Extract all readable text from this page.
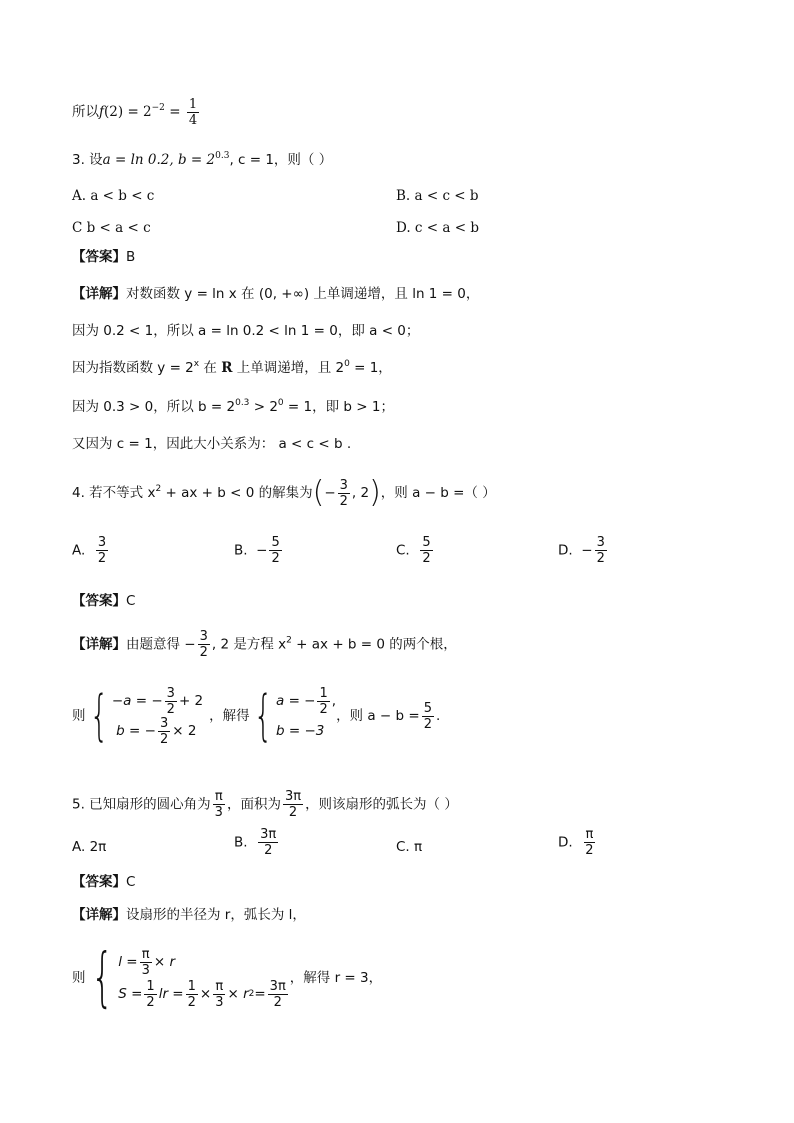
所以$f(2) = 2^{-2} = \frac{1}{4}$
3. 设a = ln 0.2, $b = 2^{0.3}$, c = 1，则（ ）
A. a < b < c	B. a < c < b
C b < a < c	D. c < a < b
【答案】B
【详解】对数函数 y = ln x 在 (0, +∞) 上单调递增，且 ln 1 = 0，
因为 0.2 < 1，所以 a = ln 0.2 < ln 1 = 0，即 a < 0；
因为指数函数 $y = 2^x$ 在 R 上单调递增，且 $2^0 = 1$，
因为 0.3 > 0，所以 $b = 2^{0.3} > 2^0 = 1$，即 b > 1；
又因为 c = 1，因此大小关系为： a < c < b .
4. 若不等式 $x^2$ + ax + b < 0 的解集为(− $\frac{3}{2}$ , 2)，则 a − b =（ ）
A. $\frac{3}{2}$	B. − $\frac{5}{2}$	C. $\frac{5}{2}$	D. − $\frac{3}{2}$
【答案】C
【详解】由题意得 − $\frac{3}{2}$ , 2 是方程 $x^2$ + ax + b = 0 的两个根，
则 { −a = − $\frac{3}{2} + 2$

b = − $\frac{3}{2} \times 2$
，解得 { a = − $\frac{1}{2}$ ,
b = −3
，则 $a - b = \frac{5}{2}$ .
5. 已知扇形的圆心角为 $\frac{\pi}{3}$ ，面积为 $\frac{3\pi}{2}$ ，则该扇形的弧长为（ ）
A. 2π	B. $\frac{3\pi}{2}$	C. π	D. $\frac{\pi}{2}$
【答案】C
【详解】设扇形的半径为 r，弧长为 l，
则 { $l = \frac{\pi}{3} \times r$
$S = \frac{1}{2}$ lr = $\frac{1}{2} \times \frac{\pi}{3} \times r$ $2 = \frac{3\pi}{2}$
，解得 r = 3，
